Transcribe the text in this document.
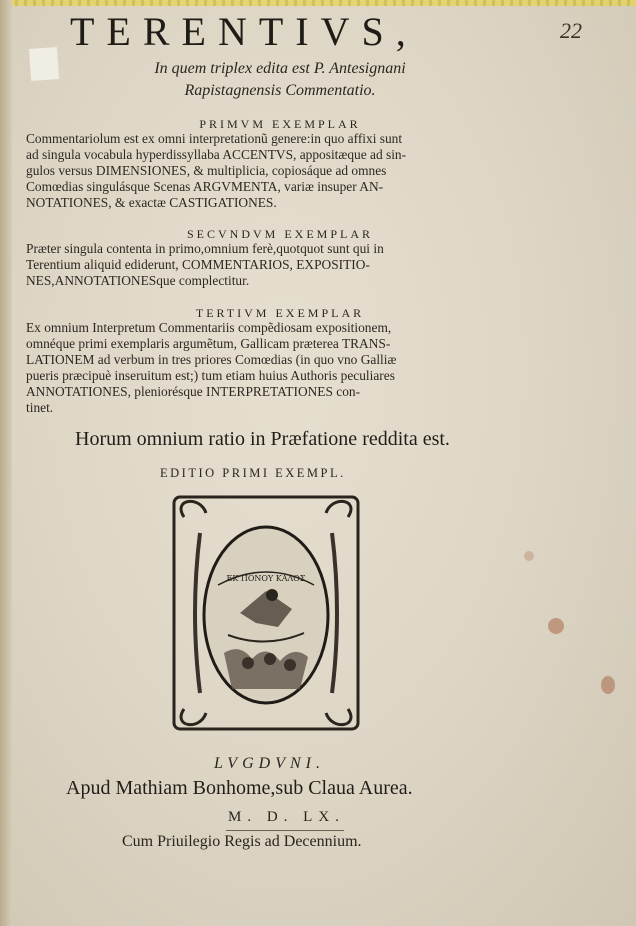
22
TERENTIVS,
In quem triplex edita est P. Antesignani
Rapistagnensis Commentatio.
PRIMVM EXEMPLAR
Commentariolum est ex omni interpretationũ genere:in quo affixi sunt
ad singula vocabula hyperdissyllaba ACCENTVS, appositæque ad sin-
gulos versus DIMENSIONES, & multiplicia, copiosáque ad omnes
Comœdias singulásque Scenas ARGVMENTA, variæ insuper AN-
NOTATIONES, & exactæ CASTIGATIONES.
SECVNDVM EXEMPLAR
Præter singula contenta in primo,omnium ferè,quotquot sunt qui in
Terentium aliquid ediderunt, COMMENTARIOS, EXPOSITIO-
NES,ANNOTATIONESque complectitur.
TERTIVM EXEMPLAR
Ex omnium Interpretum Commentariis compẽdiosam expositionem,
omnéque primi exemplaris argumẽtum, Gallicam præterea TRANS-
LATIONEM ad verbum in tres priores Comœdias (in quo vno Galliæ
pueris præcipuè inseruitum est;) tum etiam huius Authoris peculiares
ANNOTATIONES, pleniorésque INTERPRETATIONES con-
tinet.
Horum omnium ratio in Præfatione reddita est.
EDITIO PRIMI EXEMPL.
EK ΠΟΝΟΥ ΚΑΛΟΣ
LVGDVNI.
Apud Mathiam Bonhome,sub Claua Aurea.
M. D. LX.
Cum Priuilegio Regis ad Decennium.
